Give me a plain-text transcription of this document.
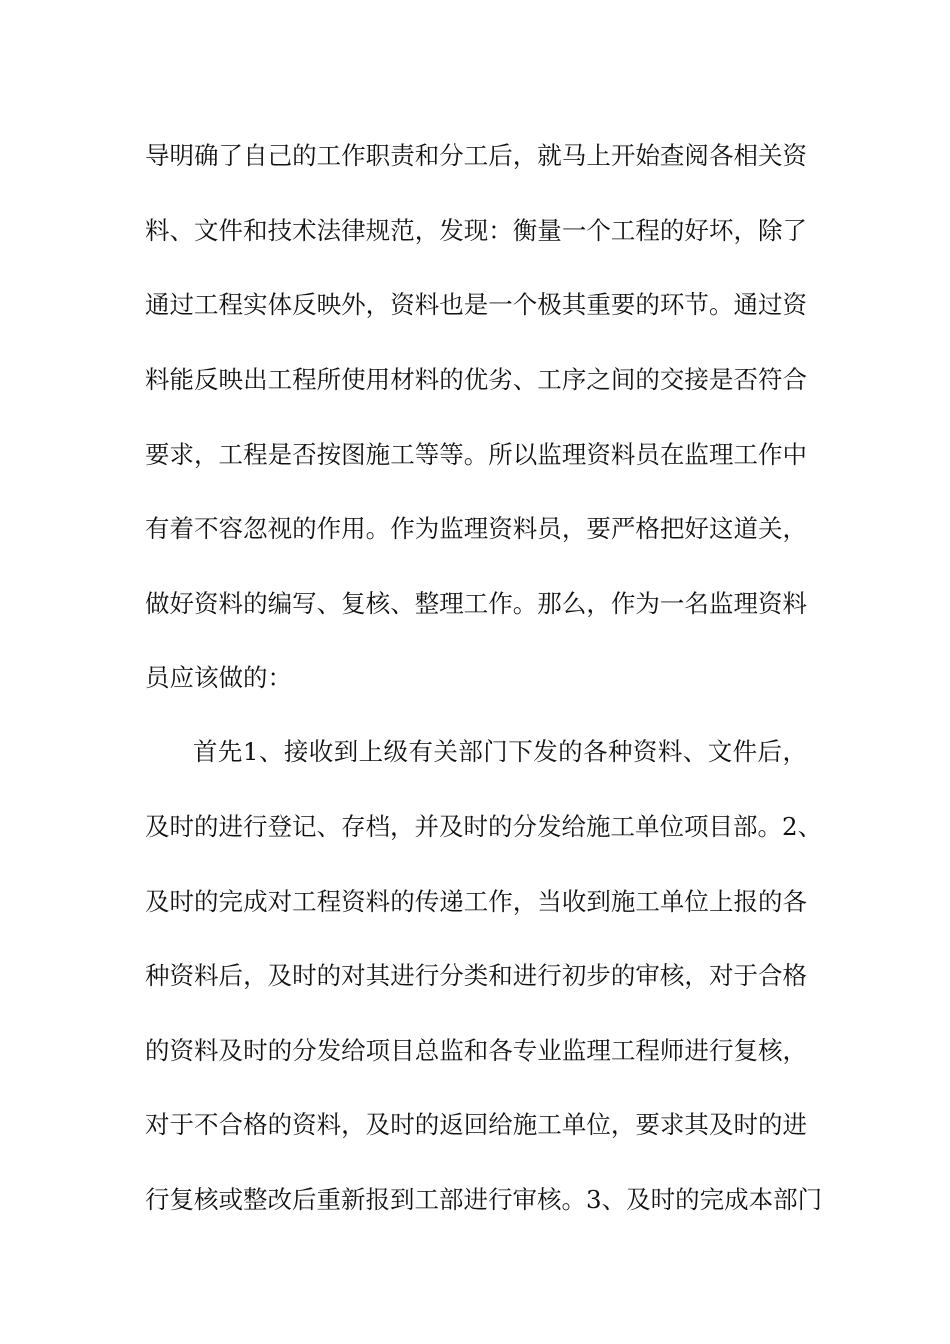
导明确了自己的工作职责和分工后，就马上开始查阅各相关资
料、文件和技术法律规范，发现：衡量一个工程的好坏，除了
通过工程实体反映外，资料也是一个极其重要的环节。通过资
料能反映出工程所使用材料的优劣、工序之间的交接是否符合
要求，工程是否按图施工等等。所以监理资料员在监理工作中
有着不容忽视的作用。作为监理资料员，要严格把好这道关，
做好资料的编写、复核、整理工作。那么，作为一名监理资料
员应该做的：
首先1、接收到上级有关部门下发的各种资料、文件后，
及时的进行登记、存档，并及时的分发给施工单位项目部。2、
及时的完成对工程资料的传递工作，当收到施工单位上报的各
种资料后，及时的对其进行分类和进行初步的审核，对于合格
的资料及时的分发给项目总监和各专业监理工程师进行复核，
对于不合格的资料，及时的返回给施工单位，要求其及时的进
行复核或整改后重新报到工部进行审核。3、及时的完成本部门
